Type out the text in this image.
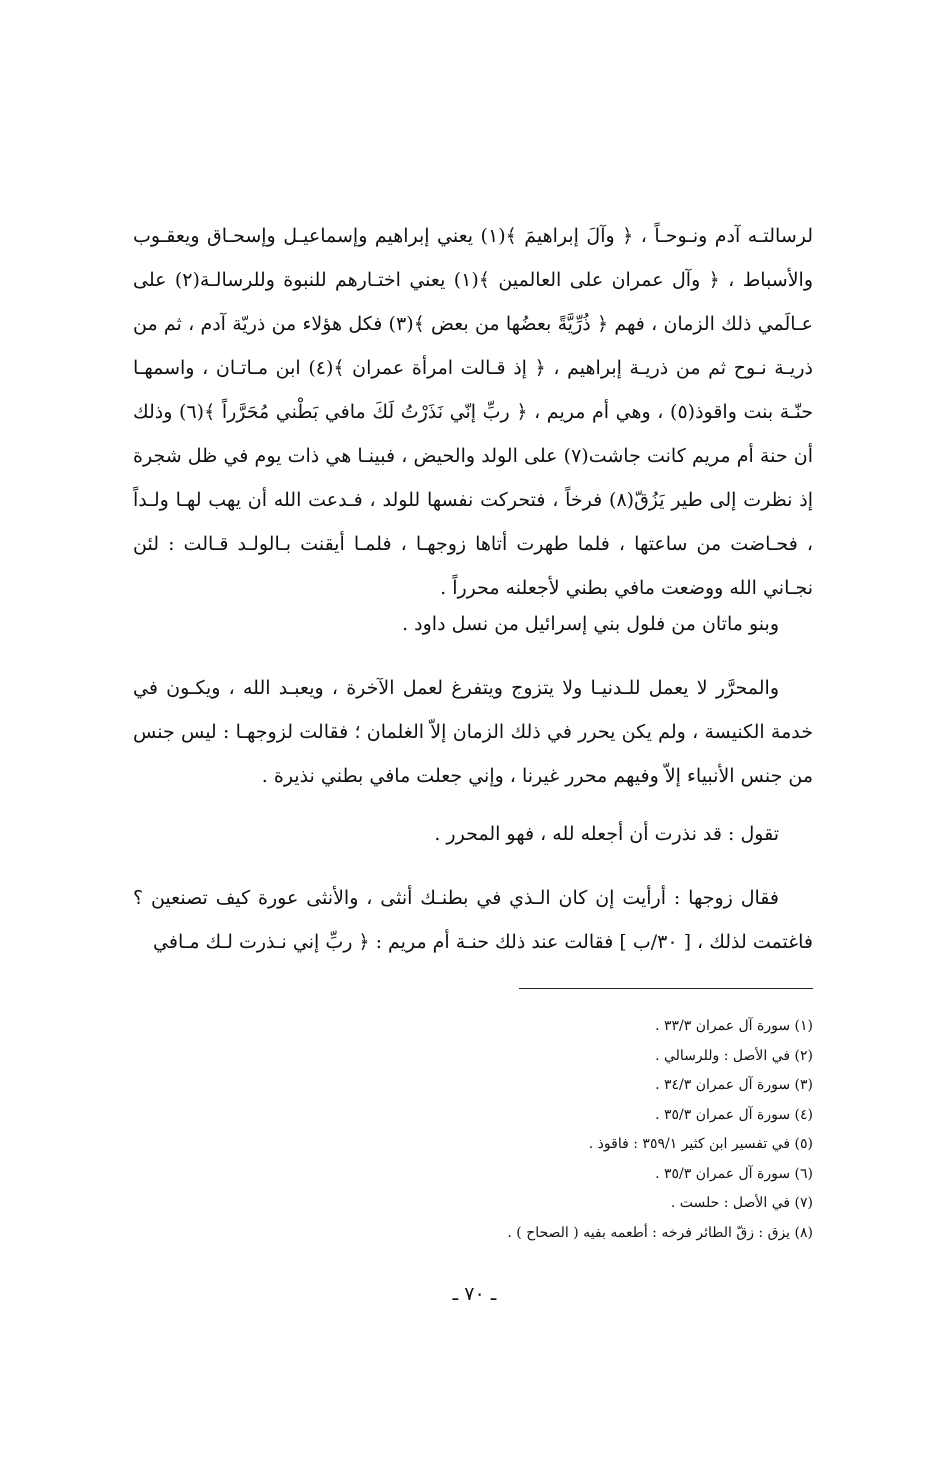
لرسالتـه آدم ونـوحـاً ، ﴿ وآلَ إبراهيمَ ﴾(١) يعني إبراهيم وإسماعيـل وإسحـاق ويعقـوب والأسباط ، ﴿ وآل عمران على العالمين ﴾(١) يعني اختـارهم للنبوة وللرسالـة(٢) على عـالَمي ذلك الزمان ، فهم ﴿ ذُرِّيَّةً بعضُها من بعض ﴾(٣) فكل هؤلاء من ذريّة آدم ، ثم من ذريـة نـوح ثم من ذريـة إبراهيم ، ﴿ إذ قـالت امرأة عمران ﴾(٤) ابن مـاتـان ، واسمهـا حنّـة بنت واقوذ(٥) ، وهي أم مريم ، ﴿ ربِّ إنّي نَذَرْتُ لَكَ مافي بَطْني مُحَرَّراً ﴾(٦) وذلك أن حنة أم مريم كانت جاشت(٧) على الولد والحيض ، فبينـا هي ذات يوم في ظل شجرة إذ نظرت إلى طير يَزُقّ(٨) فرخاً ، فتحركت نفسها للولد ، فـدعت الله أن يهب لهـا ولـداً ، فحـاضت من ساعتها ، فلما طهرت أتاها زوجهـا ، فلمـا أيقنت بـالولـد قـالت : لئن نجـاني الله ووضعت مافي بطني لأجعلنه محرراً .

وبنو ماتان من فلول بني إسرائيل من نسل داود .

والمحرَّر لا يعمل للـدنيـا ولا يتزوج ويتفرغ لعمل الآخرة ، ويعبـد الله ، ويكـون في خدمة الكنيسة ، ولم يكن يحرر في ذلك الزمان إلاّ الغلمان ؛ فقالت لزوجهـا : ليس جنس من جنس الأنبياء إلاّ وفيهم محرر غيرنا ، وإني جعلت مافي بطني نذيرة .

تقول : قد نذرت أن أجعله لله ، فهو المحرر .

فقال زوجها : أرأيت إن كان الـذي في بطنـك أنثى ، والأنثى عورة كيف تصنعين ؟ فاغتمت لذلك ، [ ٣٠/ب ] فقالت عند ذلك حنـة أم مريم : ﴿ ربِّ إني نـذرت لـك مـافي

(١) سورة آل عمران ٣٣/٣ .
(٢) في الأصل : وللرسالي .
(٣) سورة آل عمران ٣٤/٣ .
(٤) سورة آل عمران ٣٥/٣ .
(٥) في تفسير ابن كثير ٣٥٩/١ : فاقوذ .
(٦) سورة آل عمران ٣٥/٣ .
(٧) في الأصل : حلست .
(٨) يزق : زقّ الطائر فرخه : أطعمه بفيه ( الصحاح ) .
ـ ٧٠ ـ
